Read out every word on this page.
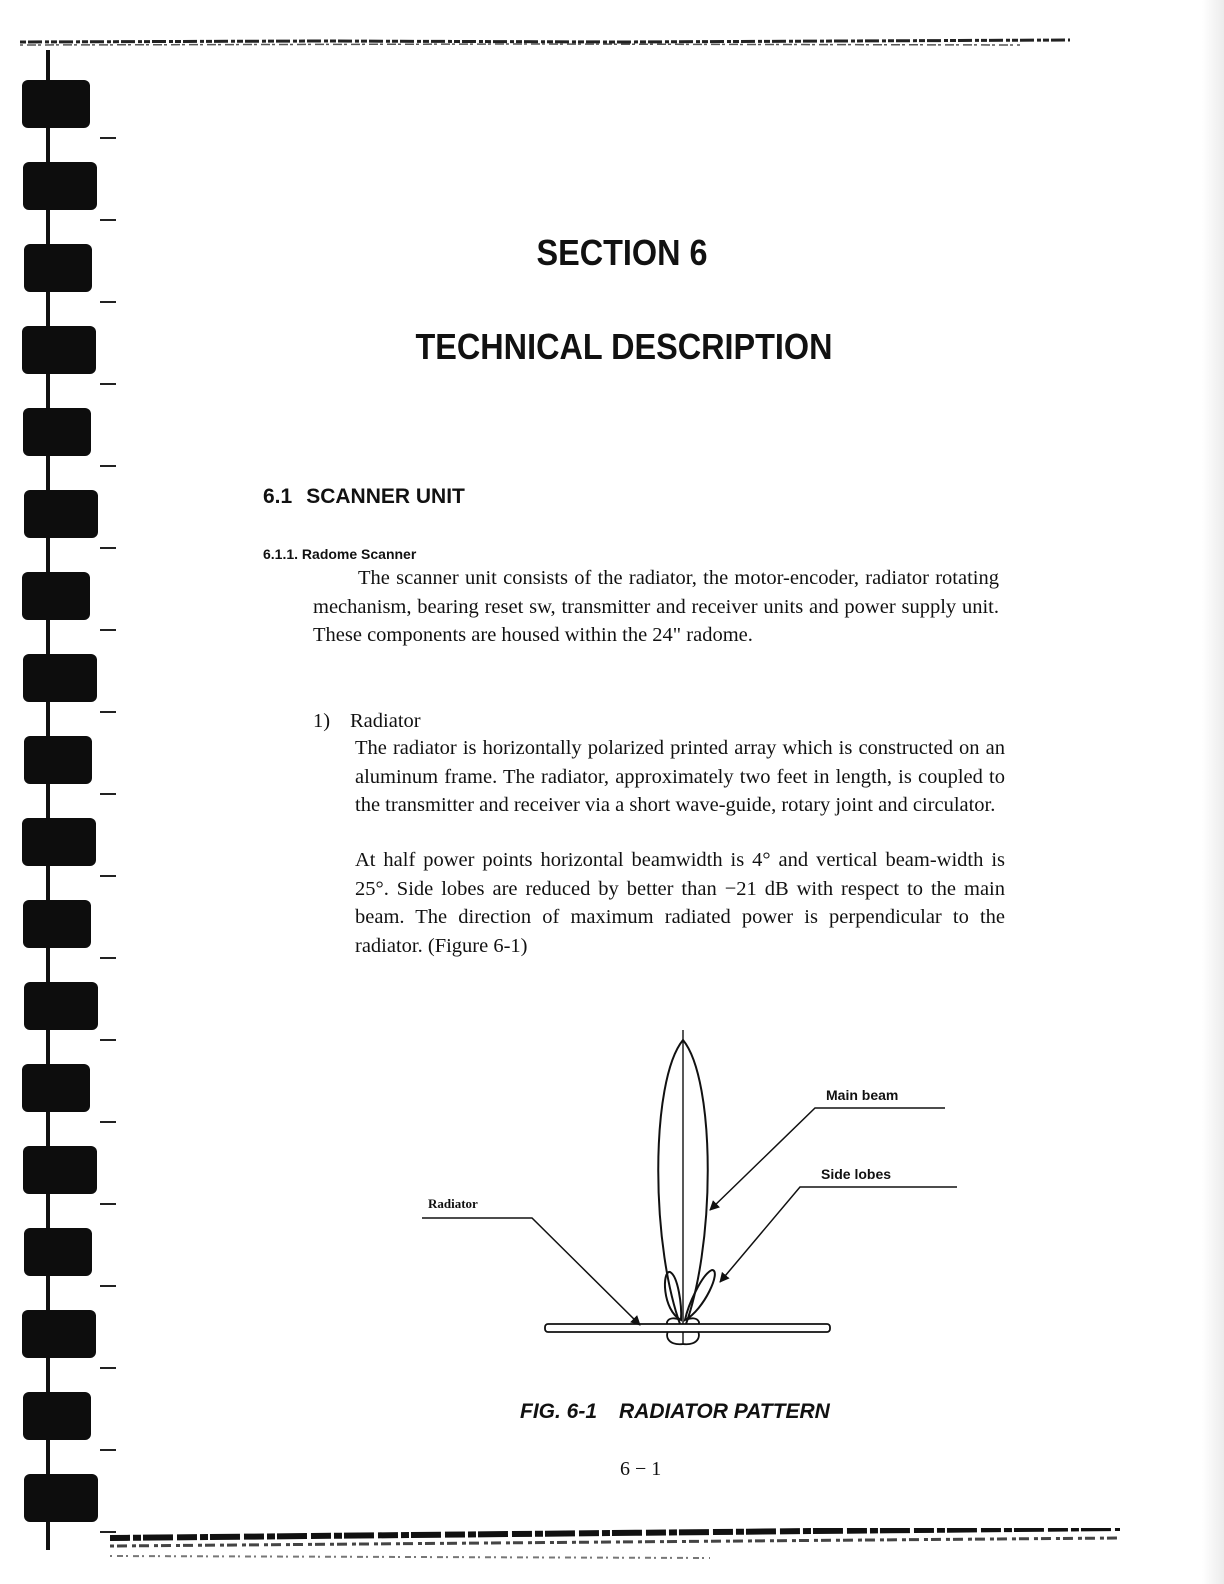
SECTION 6
TECHNICAL DESCRIPTION
6.1 SCANNER UNIT
6.1.1. Radome Scanner
The scanner unit consists of the radiator, the motor-encoder, radiator rotating mechanism, bearing reset sw, transmitter and receiver units and power supply unit. These components are housed within the 24" radome.
1) Radiator
The radiator is horizontally polarized printed array which is constructed on an aluminum frame. The radiator, approximately two feet in length, is coupled to the transmitter and receiver via a short wave-guide, rotary joint and circulator.
At half power points horizontal beamwidth is 4° and vertical beam-width is 25°. Side lobes are reduced by better than −21 dB with respect to the main beam. The direction of maximum radiated power is perpendicular to the radiator. (Figure 6-1)
Main beam
Side lobes
Radiator
FIG. 6-1 RADIATOR PATTERN
6 − 1
